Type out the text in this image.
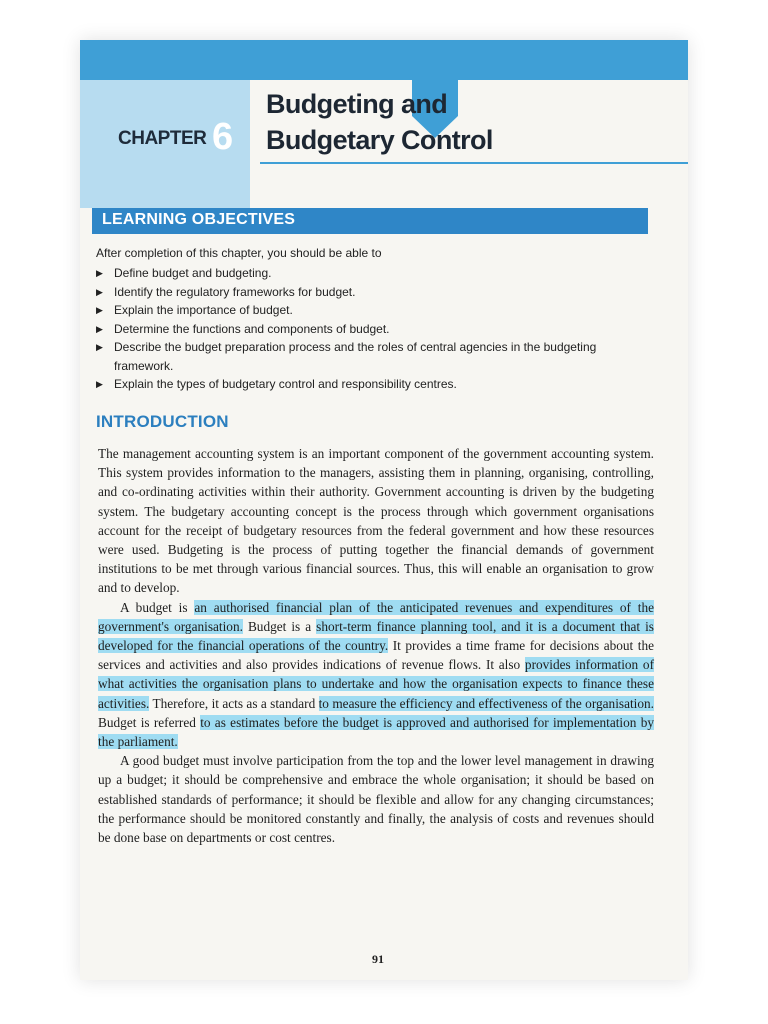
CHAPTER 6
Budgeting and
Budgetary Control
LEARNING OBJECTIVES
After completion of this chapter, you should be able to
▶ Define budget and budgeting.
▶ Identify the regulatory frameworks for budget.
▶ Explain the importance of budget.
▶ Determine the functions and components of budget.
▶ Describe the budget preparation process and the roles of central agencies in the budgeting framework.
▶ Explain the types of budgetary control and responsibility centres.
INTRODUCTION

The management accounting system is an important component of the government accounting system. This system provides information to the managers, assisting them in planning, organising, controlling, and co-ordinating activities within their authority. Government accounting is driven by the budgeting system. The budgetary accounting concept is the process through which government organisations account for the receipt of budgetary resources from the federal government and how these resources were used. Budgeting is the process of putting together the financial demands of government institutions to be met through various financial sources. Thus, this will enable an organisation to grow and to develop.

A budget is an authorised financial plan of the anticipated revenues and expenditures of the government's organisation. Budget is a short-term finance planning tool, and it is a document that is developed for the financial operations of the country. It provides a time frame for decisions about the services and activities and also provides indications of revenue flows. It also provides information of what activities the organisation plans to undertake and how the organisation expects to finance these activities. Therefore, it acts as a standard to measure the efficiency and effectiveness of the organisation. Budget is referred to as estimates before the budget is approved and authorised for implementation by the parliament.

A good budget must involve participation from the top and the lower level management in drawing up a budget; it should be comprehensive and embrace the whole organisation; it should be based on established standards of performance; it should be flexible and allow for any changing circumstances; the performance should be monitored constantly and finally, the analysis of costs and revenues should be done base on departments or cost centres.

91
